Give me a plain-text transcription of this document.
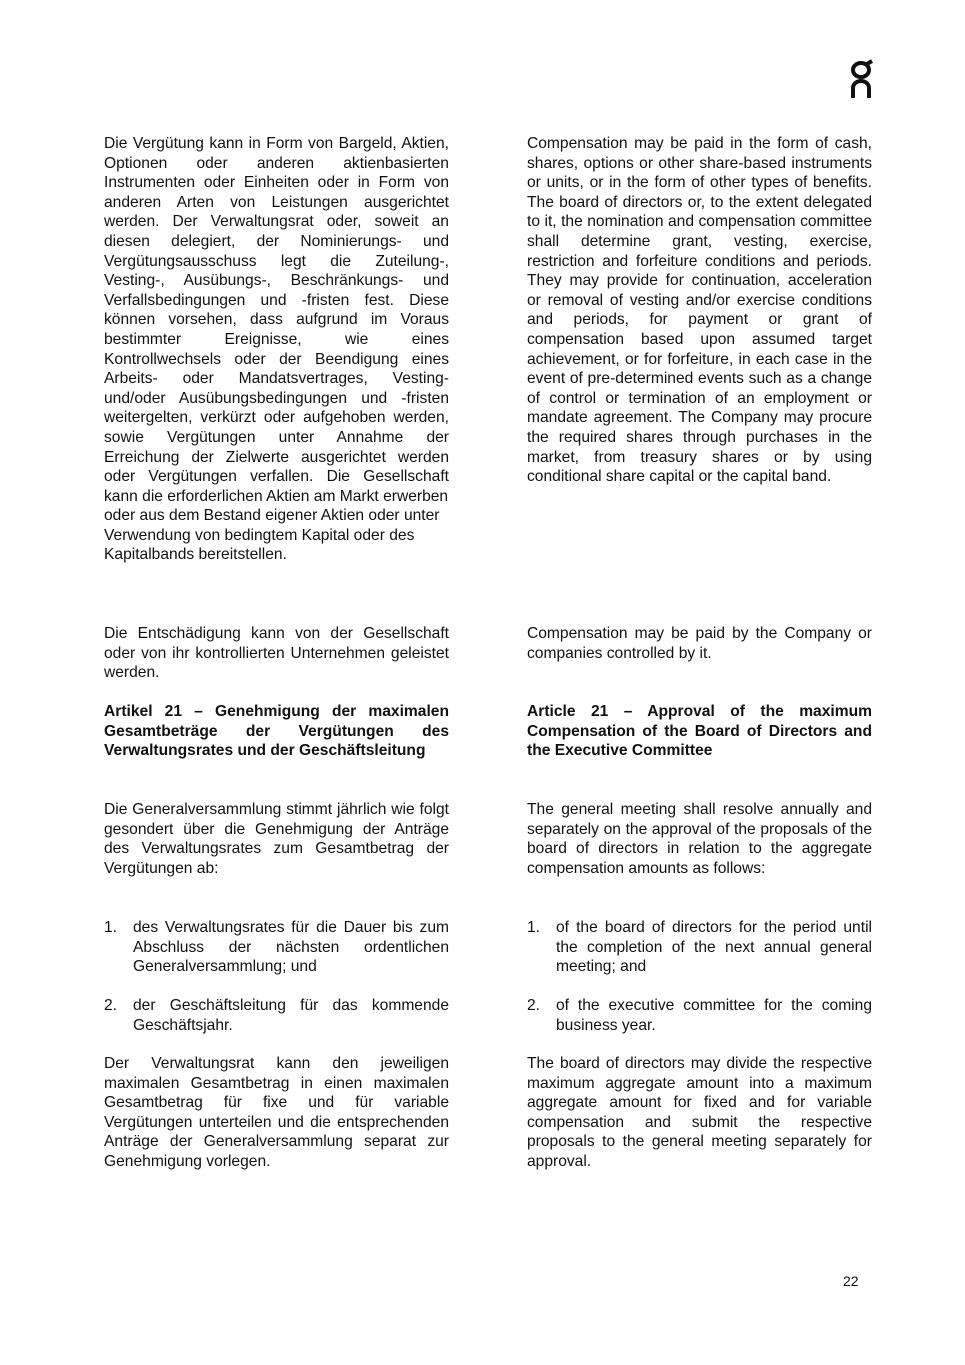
Die Vergütung kann in Form von Bargeld, Aktien, Optionen oder anderen aktienbasierten Instrumenten oder Einheiten oder in Form von anderen Arten von Leistungen ausgerichtet werden. Der Verwaltungsrat oder, soweit an diesen delegiert, der Nominierungs- und Vergütungsausschuss legt die Zuteilung-, Vesting-, Ausübungs-, Beschränkungs- und Verfallsbedingungen und -fristen fest. Diese können vorsehen, dass aufgrund im Voraus bestimmter Ereignisse, wie eines Kontrollwechsels oder der Beendigung eines Arbeits- oder Mandatsvertrages, Vesting- und/oder Ausübungsbedingungen und -fristen weitergelten, verkürzt oder aufgehoben werden, sowie Vergütungen unter Annahme der Erreichung der Zielwerte ausgerichtet werden oder Vergütungen verfallen. Die Gesellschaft kann die erforderlichen Aktien am Markt erwerben

oder aus dem Bestand eigener Aktien oder unter Verwendung von bedingtem Kapital oder des Kapitalbands bereitstellen.

Die Entschädigung kann von der Gesellschaft oder von ihr kontrollierten Unternehmen geleistet werden.

Artikel 21 – Genehmigung der maximalen Gesamtbeträge der Vergütungen des Verwaltungsrates und der Geschäftsleitung

Die Generalversammlung stimmt jährlich wie folgt gesondert über die Genehmigung der Anträge des Verwaltungsrates zum Gesamtbetrag der Vergütungen ab:

1.	des Verwaltungsrates für die Dauer bis zum Abschluss der nächsten ordentlichen Generalversammlung; und
2.	der Geschäftsleitung für das kommende Geschäftsjahr.

Der Verwaltungsrat kann den jeweiligen maximalen Gesamtbetrag in einen maximalen Gesamtbetrag für fixe und für variable Vergütungen unterteilen und die entsprechenden Anträge der Generalversammlung separat zur Genehmigung vorlegen.

Compensation may be paid in the form of cash, shares, options or other share-based instruments or units, or in the form of other types of benefits. The board of directors or, to the extent delegated to it, the nomination and compensation committee shall determine grant, vesting, exercise, restriction and forfeiture conditions and periods. They may provide for continuation, acceleration or removal of vesting and/or exercise conditions and periods, for payment or grant of compensation based upon assumed target achievement, or for forfeiture, in each case in the event of pre-determined events such as a change of control or termination of an employment or mandate agreement. The Company may procure the required shares through purchases in the market, from treasury shares or by using conditional share capital or the capital band.

Compensation may be paid by the Company or companies controlled by it.

Article 21 – Approval of the maximum Compensation of the Board of Directors and the Executive Committee

The general meeting shall resolve annually and separately on the approval of the proposals of the board of directors in relation to the aggregate compensation amounts as follows:

1.	of the board of directors for the period until the completion of the next annual general meeting; and
2.	of the executive committee for the coming business year.

The board of directors may divide the respective maximum aggregate amount into a maximum aggregate amount for fixed and for variable compensation and submit the respective proposals to the general meeting separately for approval.

22
